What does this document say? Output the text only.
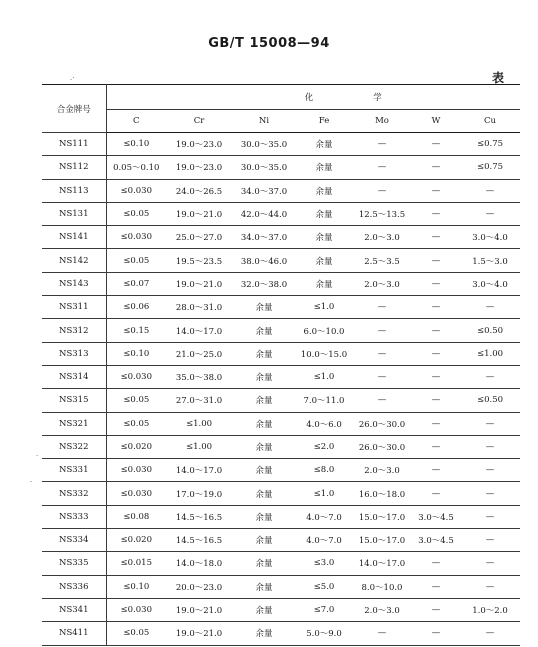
GB/T 15008—94
.·
·
·
表
合金牌号	化学						
	C	Cr	Ni	Fe	Mo	W	Cu
NS111	≤0.10	19.0～23.0	30.0～35.0	余量	—	—	≤0.75
NS112	0.05～0.10	19.0～23.0	30.0～35.0	余量	—	—	≤0.75
NS113	≤0.030	24.0～26.5	34.0～37.0	余量	—	—	—
NS131	≤0.05	19.0～21.0	42.0～44.0	余量	12.5～13.5	—	—
NS141	≤0.030	25.0～27.0	34.0～37.0	余量	2.0～3.0	—	3.0～4.0
NS142	≤0.05	19.5～23.5	38.0～46.0	余量	2.5～3.5	—	1.5～3.0
NS143	≤0.07	19.0～21.0	32.0～38.0	余量	2.0～3.0	—	3.0～4.0
NS311	≤0.06	28.0～31.0	余量	≤1.0	—	—	—
NS312	≤0.15	14.0～17.0	余量	6.0～10.0	—	—	≤0.50
NS313	≤0.10	21.0～25.0	余量	10.0～15.0	—	—	≤1.00
NS314	≤0.030	35.0～38.0	余量	≤1.0	—	—	—
NS315	≤0.05	27.0～31.0	余量	7.0～11.0	—	—	≤0.50
NS321	≤0.05	≤1.00	余量	4.0～6.0	26.0～30.0	—	—
NS322	≤0.020	≤1.00	余量	≤2.0	26.0～30.0	—	—
NS331	≤0.030	14.0～17.0	余量	≤8.0	2.0～3.0	—	—
NS332	≤0.030	17.0～19.0	余量	≤1.0	16.0～18.0	—	—
NS333	≤0.08	14.5～16.5	余量	4.0～7.0	15.0～17.0	3.0～4.5	—
NS334	≤0.020	14.5～16.5	余量	4.0～7.0	15.0～17.0	3.0～4.5	—
NS335	≤0.015	14.0～18.0	余量	≤3.0	14.0～17.0	—	—
NS336	≤0.10	20.0～23.0	余量	≤5.0	8.0～10.0	—	—
NS341	≤0.030	19.0～21.0	余量	≤7.0	2.0～3.0	—	1.0～2.0
NS411	≤0.05	19.0～21.0	余量	5.0～9.0	—	—	—
